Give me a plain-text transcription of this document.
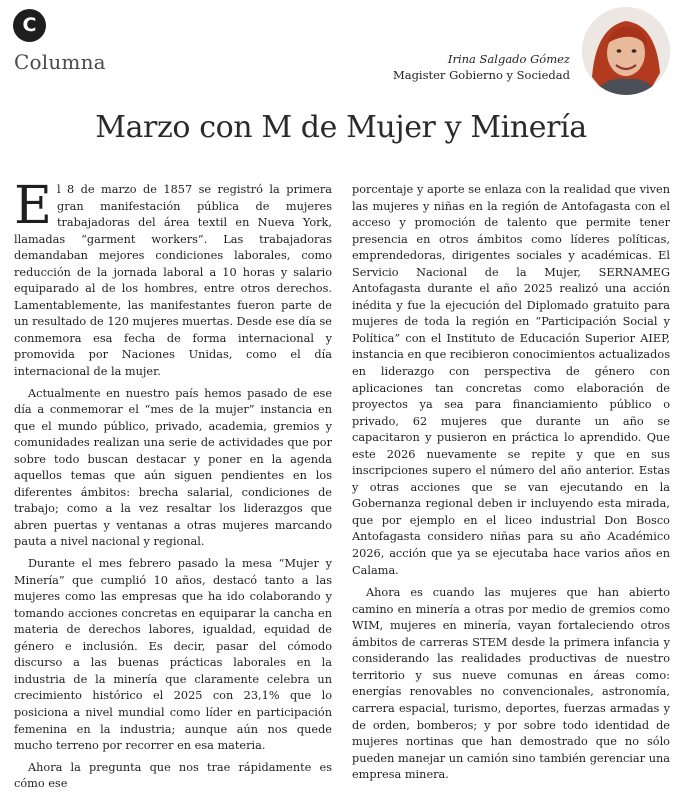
C
Columna	Irina Salgado Gómez
Magister Gobierno y Sociedad
Marzo con M de Mujer y Minería

El 8 de marzo de 1857 se registró la primera gran manifestación pública de mujeres trabajadoras del área textil en Nueva York, llamadas “garment workers”. Las trabajadoras demandaban mejores condiciones laborales, como reducción de la jornada laboral a 10 horas y salario equiparado al de los hombres, entre otros derechos. Lamentablemente, las manifestantes fueron parte de un resultado de 120 mujeres muertas. Desde ese día se conmemora esa fecha de forma internacional y promovida por Naciones Unidas, como el día internacional de la mujer.

Actualmente en nuestro país hemos pasado de ese día a conmemorar el “mes de la mujer” instancia en que el mundo público, privado, academia, gremios y comunidades realizan una serie de actividades que por sobre todo buscan destacar y poner en la agenda aquellos temas que aún siguen pendientes en los diferentes ámbitos: brecha salarial, condiciones de trabajo; como a la vez resaltar los liderazgos que abren puertas y ventanas a otras mujeres marcando pauta a nivel nacional y regional.

Durante el mes febrero pasado la mesa “Mujer y Minería” que cumplió 10 años, destacó tanto a las mujeres como las empresas que ha ido colaborando y tomando acciones concretas en equiparar la cancha en materia de derechos labores, igualdad, equidad de género e inclusión. Es decir, pasar del cómodo discurso a las buenas prácticas laborales en la industria de la minería que claramente celebra un crecimiento histórico el 2025 con 23,1% que lo posiciona a nivel mundial como líder en participación femenina en la industria; aunque aún nos quede mucho terreno por recorrer en esa materia.

Ahora la pregunta que nos trae rápidamente es cómo ese

porcentaje y aporte se enlaza con la realidad que viven las mujeres y niñas en la región de Antofagasta con el acceso y promoción de talento que permite tener presencia en otros ámbitos como líderes políticas, emprendedoras, dirigentes sociales y académicas. El Servicio Nacional de la Mujer, SERNAMEG Antofagasta durante el año 2025 realizó una acción inédita y fue la ejecución del Diplomado gratuito para mujeres de toda la región en “Participación Social y Política” con el Instituto de Educación Superior AIEP, instancia en que recibieron conocimientos actualizados en liderazgo con perspectiva de género con aplicaciones tan concretas como elaboración de proyectos ya sea para financiamiento público o privado, 62 mujeres que durante un año se capacitaron y pusieron en práctica lo aprendido. Que este 2026 nuevamente se repite y que en sus inscripciones supero el número del año anterior. Estas y otras acciones que se van ejecutando en la Gobernanza regional deben ir incluyendo esta mirada, que por ejemplo en el liceo industrial Don Bosco Antofagasta considero niñas para su año Académico 2026, acción que ya se ejecutaba hace varios años en Calama.

Ahora es cuando las mujeres que han abierto camino en minería a otras por medio de gremios como WIM, mujeres en minería, vayan fortaleciendo otros ámbitos de carreras STEM desde la primera infancia y considerando las realidades productivas de nuestro territorio y sus nueve comunas en áreas como: energías renovables no convencionales, astronomía, carrera espacial, turismo, deportes, fuerzas armadas y de orden, bomberos; y por sobre todo identidad de mujeres nortinas que han demostrado que no sólo pueden manejar un camión sino también gerenciar una empresa minera.
